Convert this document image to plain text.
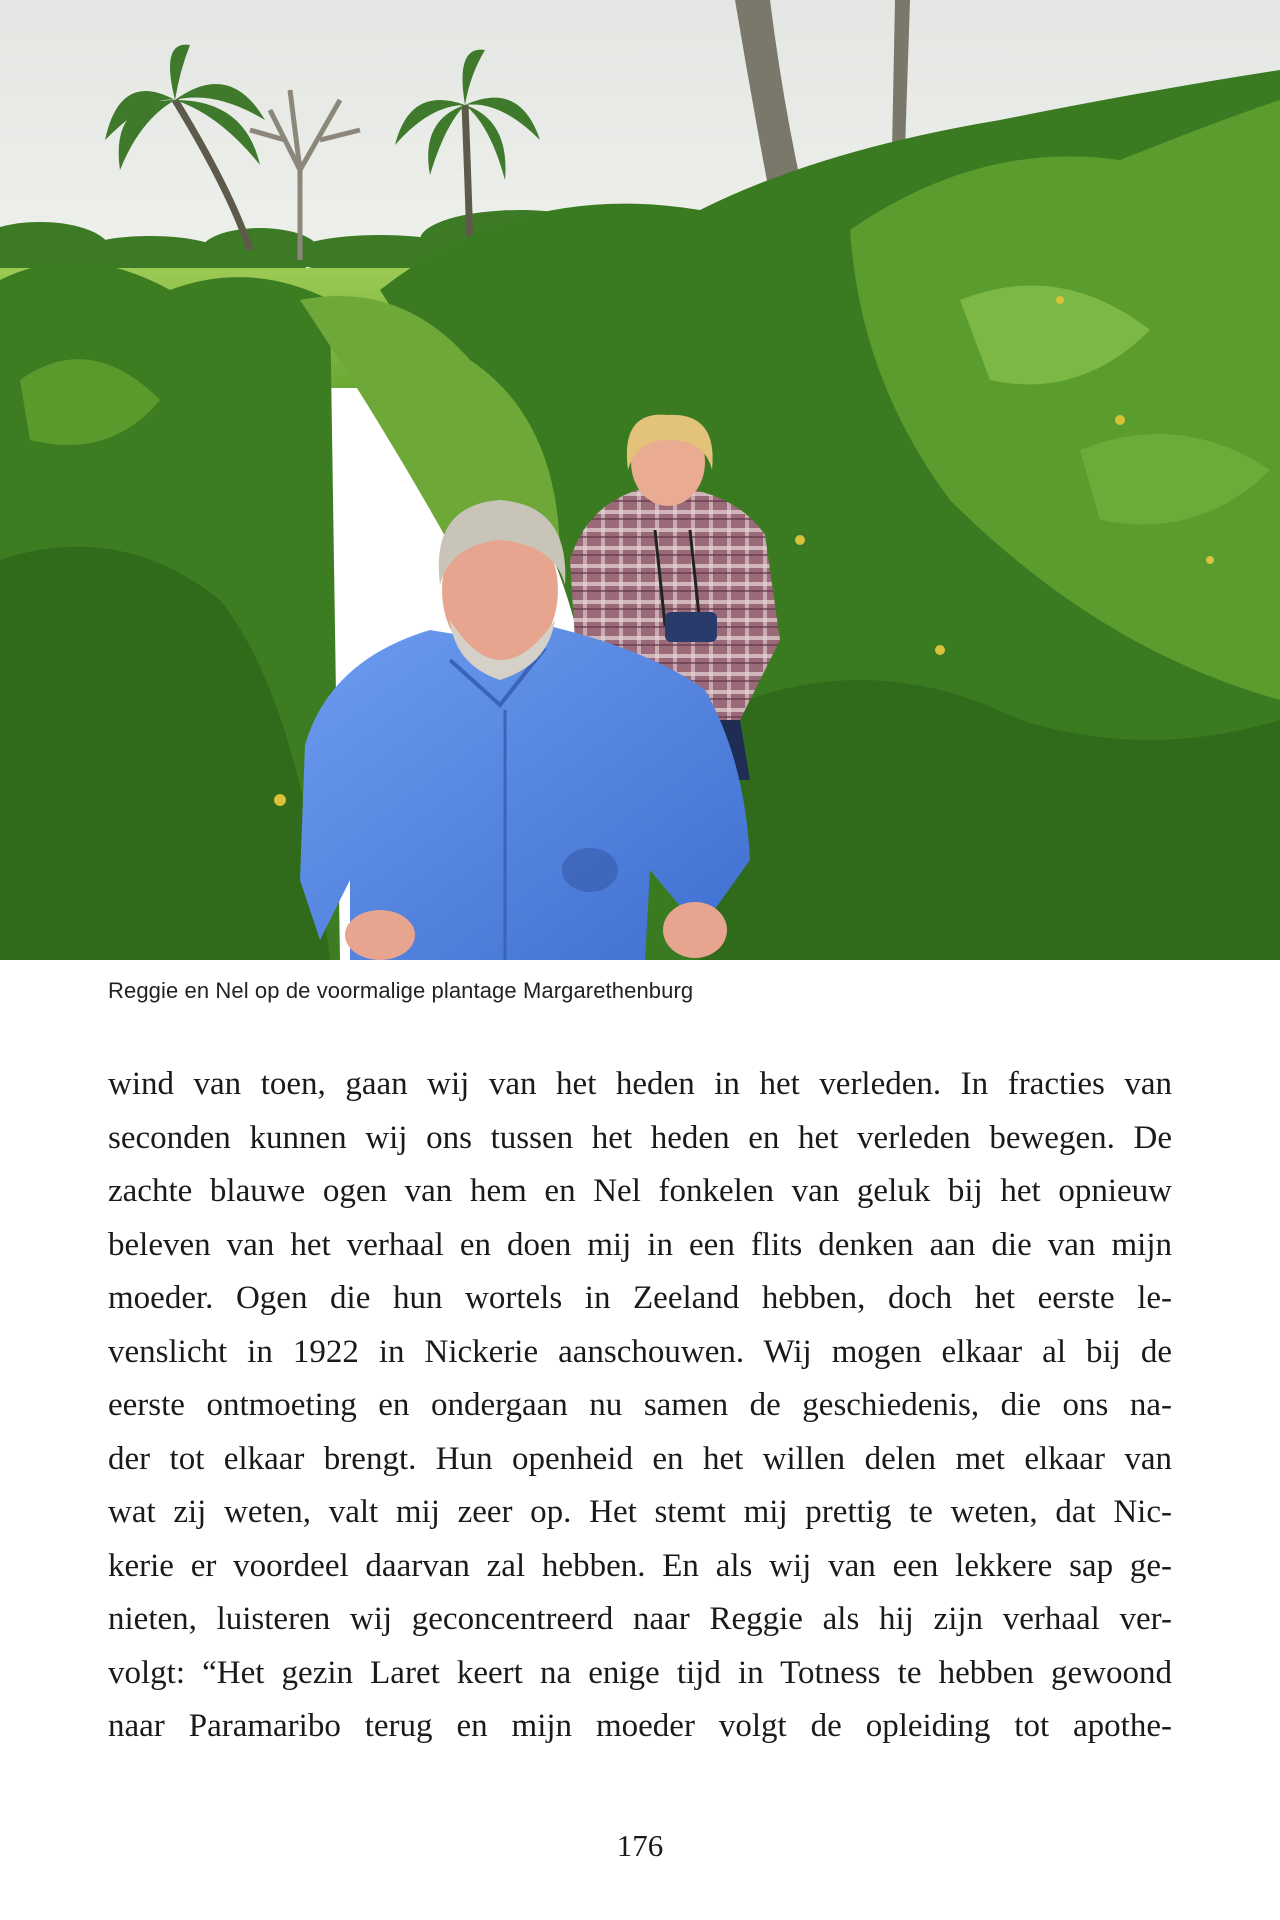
Reggie en Nel op de voormalige plantage Margarethenburg
wind van toen, gaan wij van het heden in het verleden. In fracties van
seconden kunnen wij ons tussen het heden en het verleden bewegen. De
zachte blauwe ogen van hem en Nel fonkelen van geluk bij het opnieuw
beleven van het verhaal en doen mij in een flits denken aan die van mijn
moeder. Ogen die hun wortels in Zeeland hebben, doch het eerste le-
venslicht in 1922 in Nickerie aanschouwen. Wij mogen elkaar al bij de
eerste ontmoeting en ondergaan nu samen de geschiedenis, die ons na-
der tot elkaar brengt. Hun openheid en het willen delen met elkaar van
wat zij weten, valt mij zeer op. Het stemt mij prettig te weten, dat Nic-
kerie er voordeel daarvan zal hebben. En als wij van een lekkere sap ge-
nieten, luisteren wij geconcentreerd naar Reggie als hij zijn verhaal ver-
volgt: “Het gezin Laret keert na enige tijd in Totness te hebben gewoond
naar Paramaribo terug en mijn moeder volgt de opleiding tot apothe-
176
